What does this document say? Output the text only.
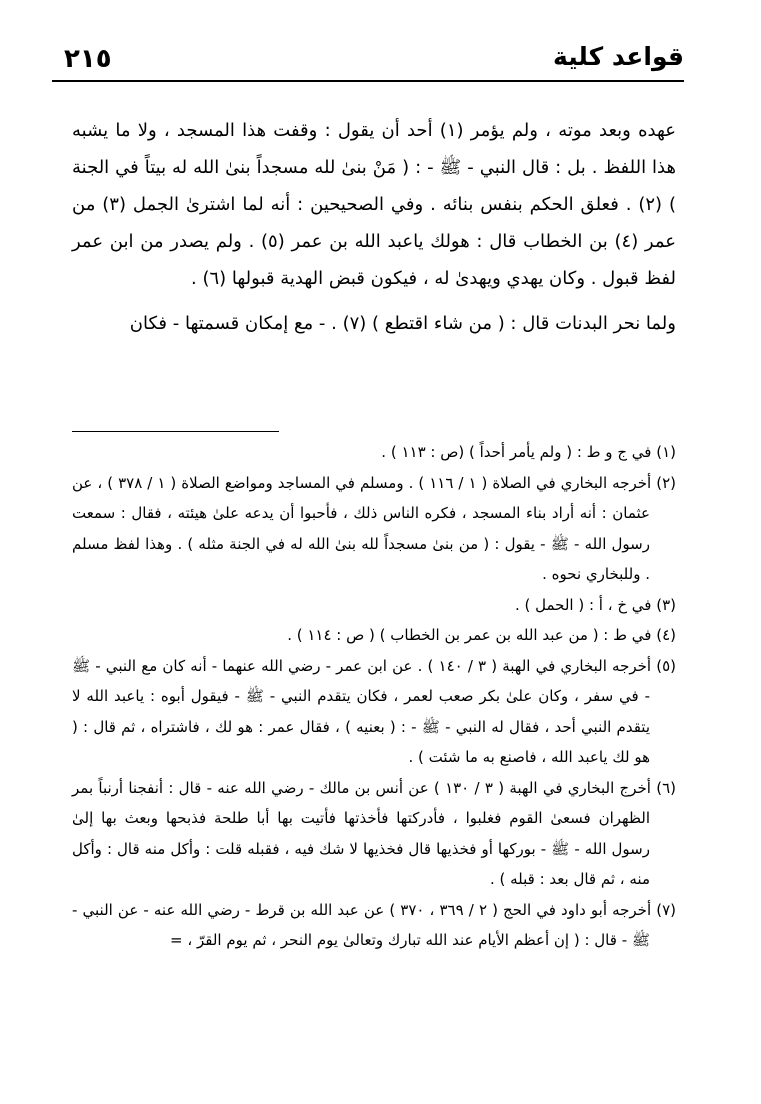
٢١٥	قواعد كلية

عهده وبعد موته ، ولم يؤمر (١) أحد أن يقول : وقفت هذا المسجد ، ولا ما يشبه هذا اللفظ . بل : قال النبي - ﷺ - : ( مَنْ بنىٰ لله مسجداً بنىٰ الله له بيتاً في الجنة ) (٢) . فعلق الحكم بنفس بنائه . وفي الصحيحين : أنه لما اشترىٰ الجمل (٣) من عمر (٤) بن الخطاب قال : هولك ياعبد الله بن عمر (٥) . ولم يصدر من ابن عمر لفظ قبول . وكان يهدي ويهدىٰ له ، فيكون قبض الهدية قبولها (٦) .

ولما نحر البدنات قال : ( من شاء اقتطع ) (٧) . - مع إمكان قسمتها - فكان

(١) في ج و ط : ( ولم يأمر أحداً ) (ص : ١١٣ ) .

(٢) أخرجه البخاري في الصلاة ( ١ / ١١٦ ) . ومسلم في المساجد ومواضع الصلاة ( ١ / ٣٧٨ ) ، عن عثمان : أنه أراد بناء المسجد ، فكره الناس ذلك ، فأحبوا أن يدعه علىٰ هيئته ، فقال : سمعت رسول الله - ﷺ - يقول : ( من بنىٰ مسجداً لله بنىٰ الله له في الجنة مثله ) . وهذا لفظ مسلم . وللبخاري نحوه .

(٣) في خ ، أ : ( الحمل ) .

(٤) في ط : ( من عبد الله بن عمر بن الخطاب ) ( ص : ١١٤ ) .

(٥) أخرجه البخاري في الهبة ( ٣ / ١٤٠ ) . عن ابن عمر - رضي الله عنهما - أنه كان مع النبي - ﷺ - في سفر ، وكان علىٰ بكر صعب لعمر ، فكان يتقدم النبي - ﷺ - فيقول أبوه : ياعبد الله لا يتقدم النبي أحد ، فقال له النبي - ﷺ - : ( بعنيه ) ، فقال عمر : هو لك ، فاشتراه ، ثم قال : ( هو لك ياعبد الله ، فاصنع به ما شئت ) .

(٦) أخرج البخاري في الهبة ( ٣ / ١٣٠ ) عن أنس بن مالك - رضي الله عنه - قال : أنفجنا أرنباً بمر الظهران فسعىٰ القوم فغلبوا ، فأدركتها فأخذتها فأتيت بها أبا طلحة فذبحها وبعث بها إلىٰ رسول الله - ﷺ - بوركها أو فخذيها قال فخذيها لا شك فيه ، فقبله قلت : وأكل منه قال : وأكل منه ، ثم قال بعد : قبله ) .

(٧) أخرجه أبو داود في الحج ( ٢ / ٣٦٩ ، ٣٧٠ ) عن عبد الله بن قرط - رضي الله عنه - عن النبي - ﷺ - قال : ( إن أعظم الأيام عند الله تبارك وتعالىٰ يوم النحر ، ثم يوم القرّ ، =
